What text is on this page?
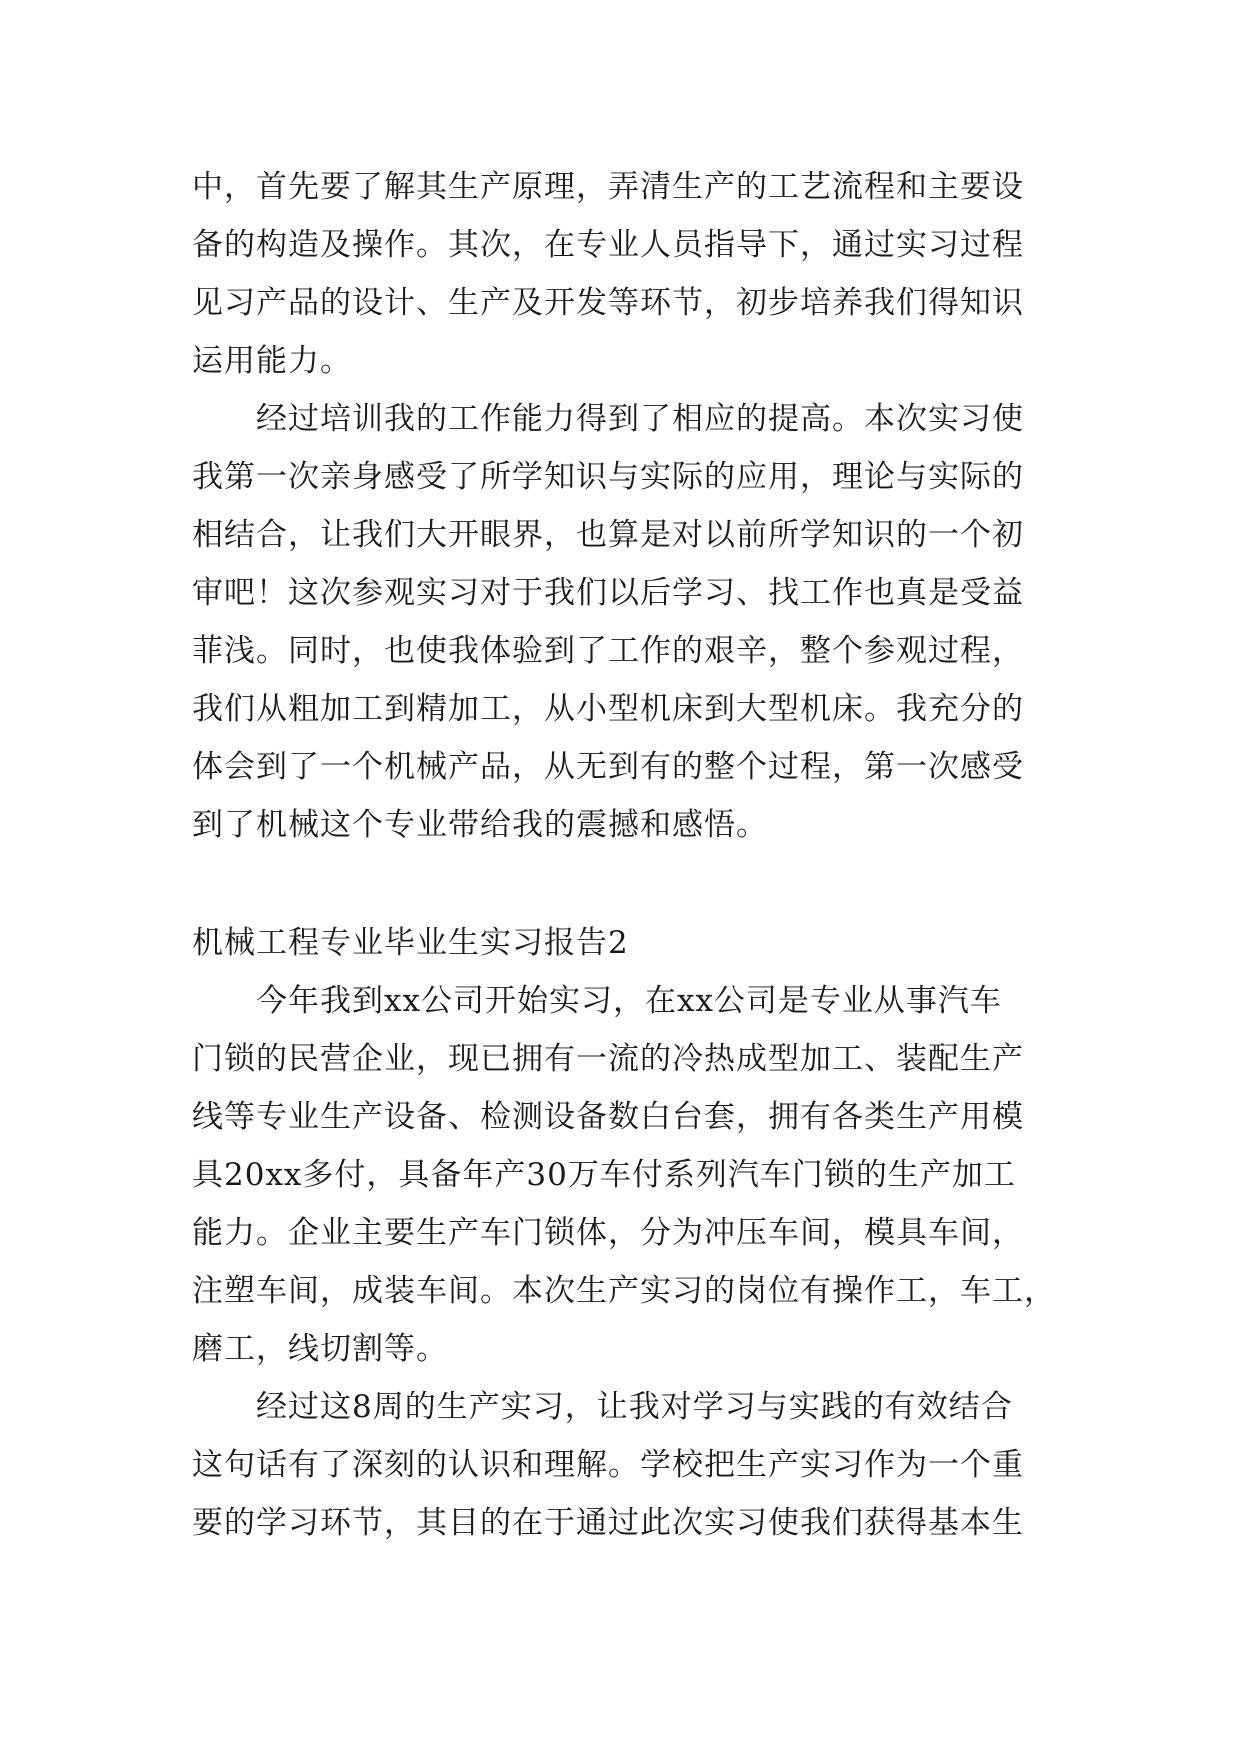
中，首先要了解其生产原理，弄清生产的工艺流程和主要设
备的构造及操作。其次，在专业人员指导下，通过实习过程
见习产品的设计、生产及开发等环节，初步培养我们得知识
运用能力。
经过培训我的工作能力得到了相应的提高。本次实习使
我第一次亲身感受了所学知识与实际的应用，理论与实际的
相结合，让我们大开眼界，也算是对以前所学知识的一个初
审吧！这次参观实习对于我们以后学习、找工作也真是受益
菲浅。同时，也使我体验到了工作的艰辛，整个参观过程，
我们从粗加工到精加工，从小型机床到大型机床。我充分的
体会到了一个机械产品，从无到有的整个过程，第一次感受
到了机械这个专业带给我的震撼和感悟。
机械工程专业毕业生实习报告2
今年我到xx公司开始实习，在xx公司是专业从事汽车
门锁的民营企业，现已拥有一流的冷热成型加工、装配生产
线等专业生产设备、检测设备数白台套，拥有各类生产用模
具20xx多付，具备年产30万车付系列汽车门锁的生产加工
能力。企业主要生产车门锁体，分为冲压车间，模具车间，
注塑车间，成装车间。本次生产实习的岗位有操作工，车工，
磨工，线切割等。
经过这8周的生产实习，让我对学习与实践的有效结合
这句话有了深刻的认识和理解。学校把生产实习作为一个重
要的学习环节，其目的在于通过此次实习使我们获得基本生
